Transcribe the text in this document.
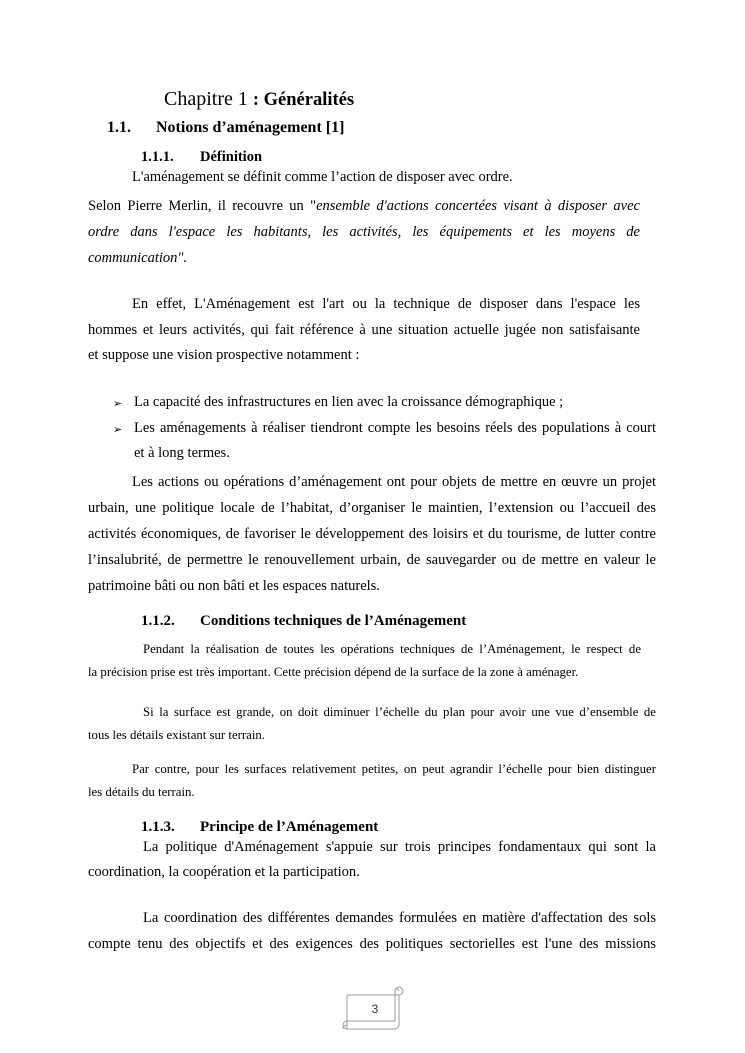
Chapitre 1 : Généralités
1.1. Notions d’aménagement [1]
1.1.1. Définition
L'aménagement se définit comme l’action de disposer avec ordre.
Selon Pierre Merlin, il recouvre un "ensemble d'actions concertées visant à disposer avec
ordre dans l'espace les habitants, les activités, les équipements et les moyens de
communication".
En effet, L'Aménagement est l'art ou la technique de disposer dans l'espace les
hommes et leurs activités, qui fait référence à une situation actuelle jugée non satisfaisante
et suppose une vision prospective notamment :
➢ La capacité des infrastructures en lien avec la croissance démographique ;
➢ Les aménagements à réaliser tiendront compte les besoins réels des populations à court
et à long termes.
Les actions ou opérations d’aménagement ont pour objets de mettre en œuvre un projet
urbain, une politique locale de l’habitat, d’organiser le maintien, l’extension ou l’accueil des
activités économiques, de favoriser le développement des loisirs et du tourisme, de lutter contre
l’insalubrité, de permettre le renouvellement urbain, de sauvegarder ou de mettre en valeur le
patrimoine bâti ou non bâti et les espaces naturels.
1.1.2. Conditions techniques de l’Aménagement
Pendant la réalisation de toutes les opérations techniques de l’Aménagement, le respect de
la précision prise est très important. Cette précision dépend de la surface de la zone à aménager.
Si la surface est grande, on doit diminuer l’échelle du plan pour avoir une vue d’ensemble de
tous les détails existant sur terrain.
Par contre, pour les surfaces relativement petites, on peut agrandir l’échelle pour bien distinguer
les détails du terrain.
1.1.3. Principe de l’Aménagement
La politique d'Aménagement s'appuie sur trois principes fondamentaux qui sont la
coordination, la coopération et la participation.
La coordination des différentes demandes formulées en matière d'affectation des sols
compte tenu des objectifs et des exigences des politiques sectorielles est l'une des missions
3
